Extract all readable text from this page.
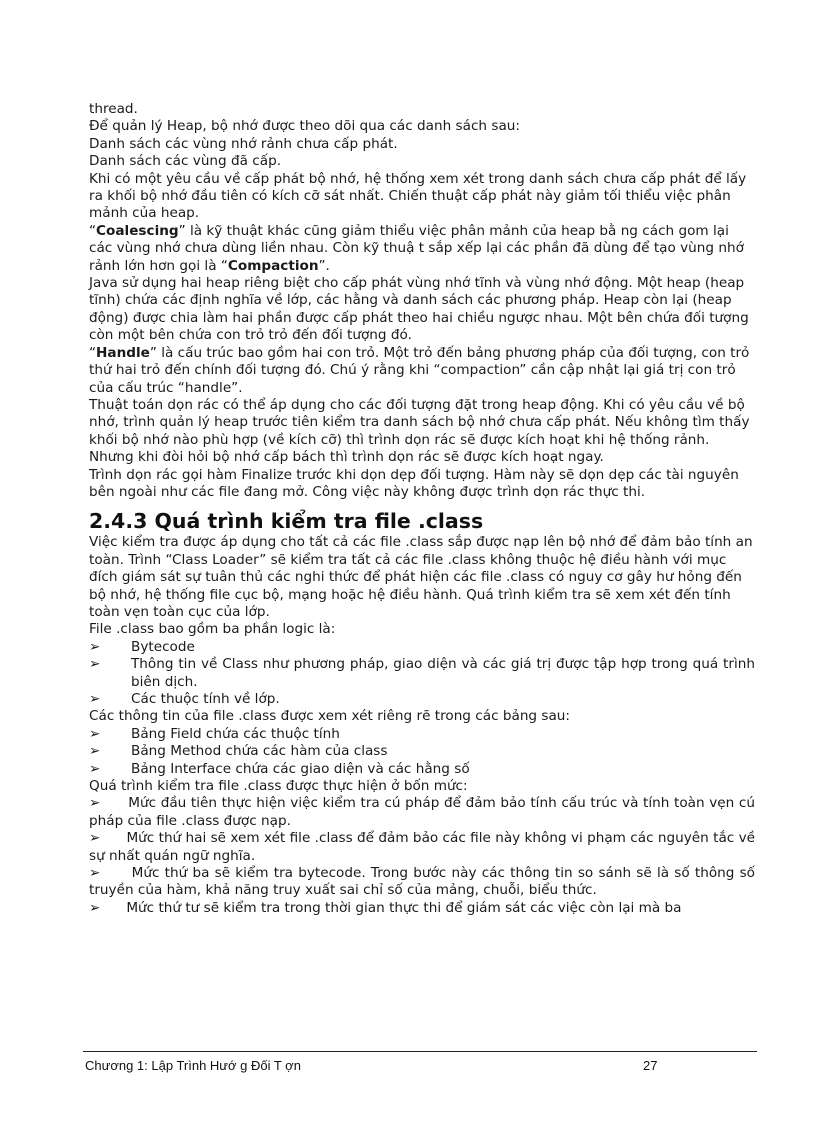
thread.

Để quản lý Heap, bộ nhớ được theo dõi qua các danh sách sau:

Danh sách các vùng nhớ rảnh chưa cấp phát.

Danh sách các vùng đã cấp.

Khi có một yêu cầu về cấp phát bộ nhớ, hệ thống xem xét trong danh sách chưa cấp phát để lấy ra khối bộ nhớ đầu tiên có kích cỡ sát nhất. Chiến thuật cấp phát này giảm tối thiểu việc phân mảnh của heap.

“Coalescing” là kỹ thuật khác cũng giảm thiểu việc phân mảnh của heap bằ ng cách gom lại các vùng nhớ chưa dùng liền nhau. Còn kỹ thuậ t sắp xếp lại các phần đã dùng để tạo vùng nhớ rảnh lớn hơn gọi là “Compaction”.

Java sử dụng hai heap riêng biệt cho cấp phát vùng nhớ tĩnh và vùng nhớ động. Một heap (heap tĩnh) chứa các định nghĩa về lớp, các hằng và danh sách các phương pháp. Heap còn lại (heap động) được chia làm hai phần được cấp phát theo hai chiều ngược nhau. Một bên chứa đối tượng còn một bên chứa con trỏ trỏ đến đối tượng đó.

“Handle” là cấu trúc bao gồm hai con trỏ. Một trỏ đến bảng phương pháp của đối tượng, con trỏ thứ hai trỏ đến chính đối tượng đó. Chú ý rằng khi “compaction” cần cập nhật lại giá trị con trỏ của cấu trúc “handle”.

Thuật toán dọn rác có thể áp dụng cho các đối tượng đặt trong heap động. Khi có yêu cầu về bộ nhớ, trình quản lý heap trước tiên kiểm tra danh sách bộ nhớ chưa cấp phát. Nếu không tìm thấy khối bộ nhớ nào phù hợp (về kích cỡ) thì trình dọn rác sẽ được kích hoạt khi hệ thống rảnh. Nhưng khi đòi hỏi bộ nhớ cấp bách thì trình dọn rác sẽ được kích hoạt ngay.

Trình dọn rác gọi hàm Finalize trước khi dọn dẹp đối tượng. Hàm này sẽ dọn dẹp các tài nguyên bên ngoài như các file đang mở. Công việc này không được trình dọn rác thực thi.

2.4.3 Quá trình kiểm tra file .class

Việc kiểm tra được áp dụng cho tất cả các file .class sắp được nạp lên bộ nhớ để đảm bảo tính an toàn. Trình “Class Loader” sẽ kiểm tra tất cả các file .class không thuộc hệ điều hành với mục đích giám sát sự tuân thủ các nghi thức để phát hiện các file .class có nguy cơ gây hư hỏng đến bộ nhớ, hệ thống file cục bộ, mạng hoặc hệ điều hành. Quá trình kiểm tra sẽ xem xét đến tính toàn vẹn toàn cục của lớp.

File .class bao gồm ba phần logic là:

➢	Bytecode
➢	Thông tin về Class như phương pháp, giao diện và các giá trị được tập hợp trong quá trình biên dịch.
➢	Các thuộc tính về lớp.

Các thông tin của file .class được xem xét riêng rẽ trong các bảng sau:

➢	Bảng Field chứa các thuộc tính
➢	Bảng Method chứa các hàm của class
➢	Bảng Interface chứa các giao diện và các hằng số

Quá trình kiểm tra file .class được thực hiện ở bốn mức:

➢ Mức đầu tiên thực hiện việc kiểm tra cú pháp để đảm bảo tính cấu trúc và tính toàn vẹn cú pháp của file .class được nạp.

➢ Mức thứ hai sẽ xem xét file .class để đảm bảo các file này không vi phạm các nguyên tắc về sự nhất quán ngữ nghĩa.

➢ Mức thứ ba sẽ kiểm tra bytecode. Trong bước này các thông tin so sánh sẽ là số thông số truyền của hàm, khả năng truy xuất sai chỉ số của mảng, chuỗi, biểu thức.

➢ Mức thứ tư sẽ kiểm tra trong thời gian thực thi để giám sát các việc còn lại mà ba

Chương 1: Lập Trình Hướ g Đối T ợn	27
